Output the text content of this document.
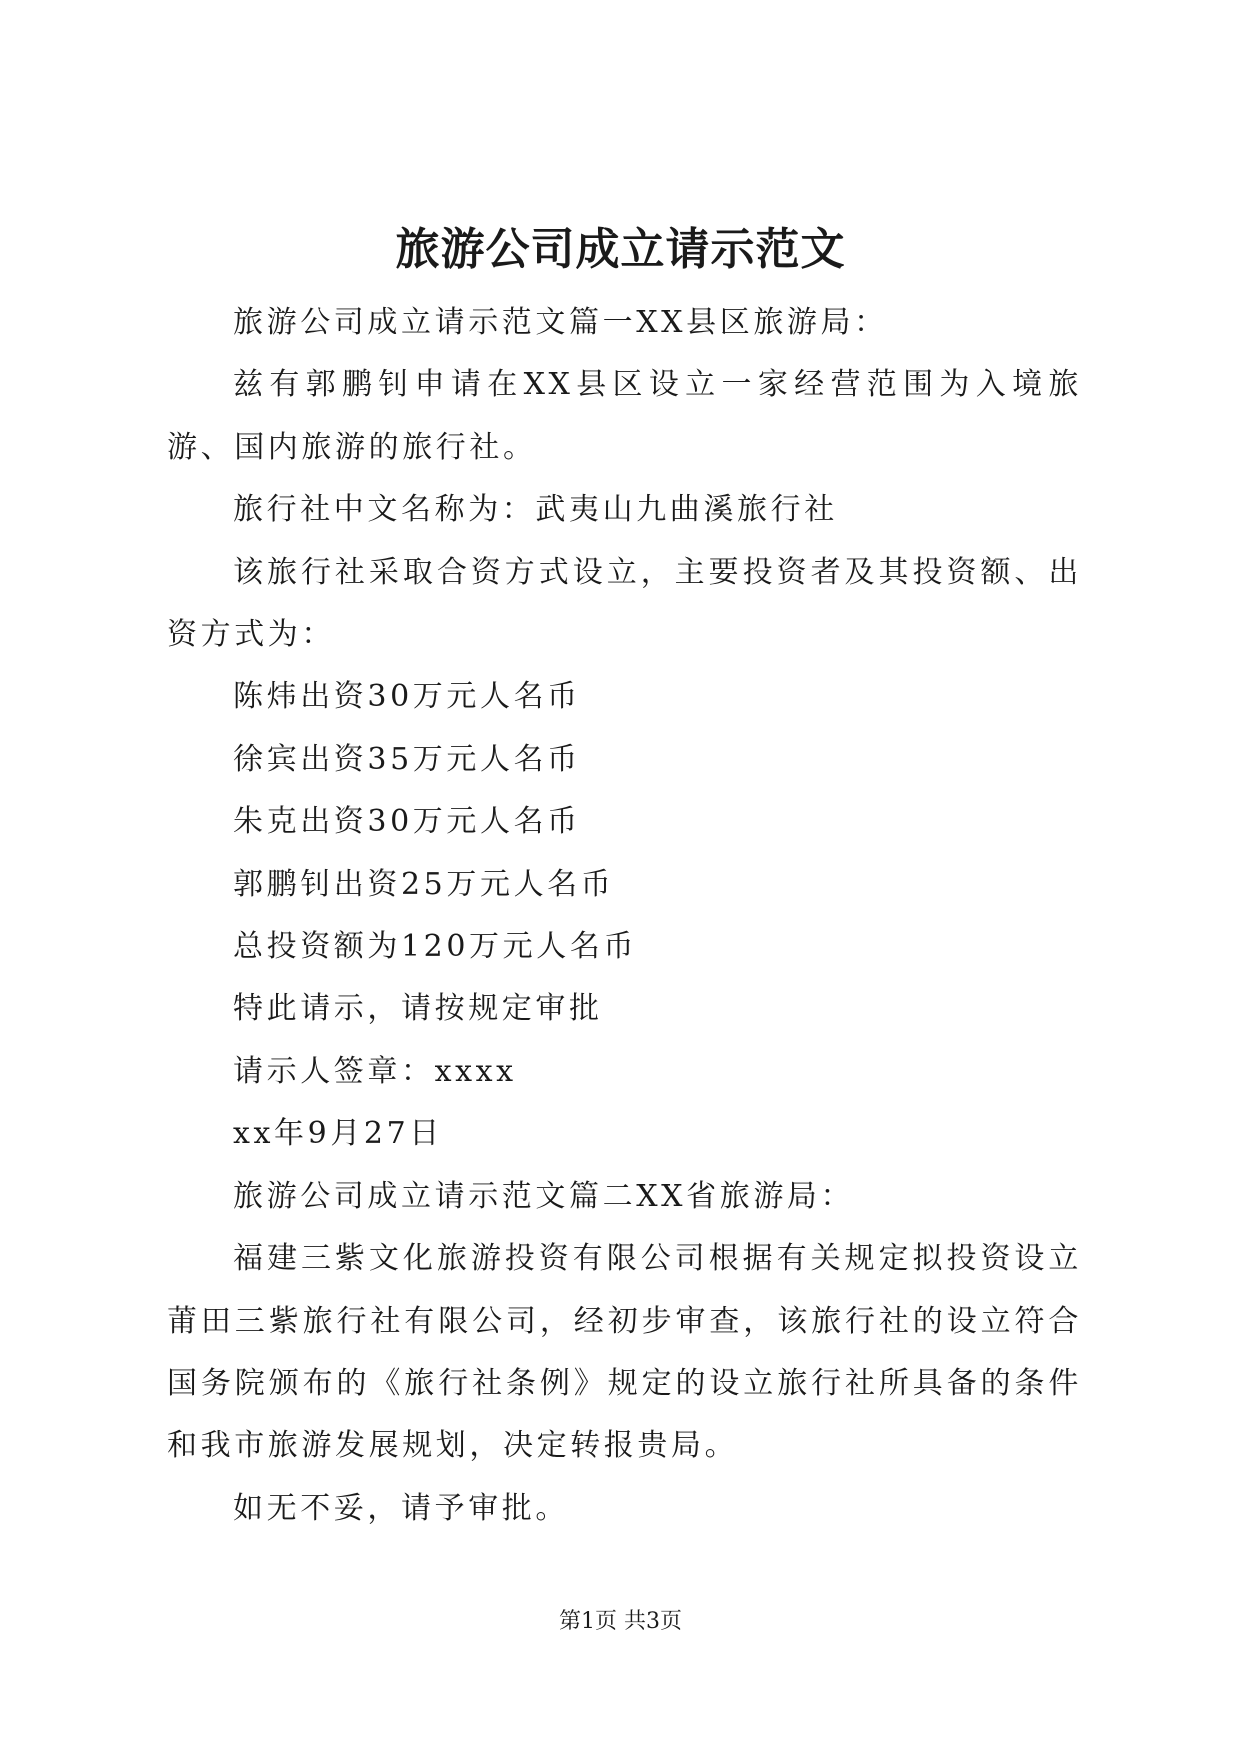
旅游公司成立请示范文

旅游公司成立请示范文篇一XX县区旅游局：

兹有郭鹏钊申请在XX县区设立一家经营范围为入境旅游、国内旅游的旅行社。

旅行社中文名称为：武夷山九曲溪旅行社

该旅行社采取合资方式设立，主要投资者及其投资额、出资方式为：

陈炜出资30万元人名币

徐宾出资35万元人名币

朱克出资30万元人名币

郭鹏钊出资25万元人名币

总投资额为120万元人名币

特此请示，请按规定审批

请示人签章：xxxx

xx年9月27日

旅游公司成立请示范文篇二XX省旅游局：

福建三紫文化旅游投资有限公司根据有关规定拟投资设立莆田三紫旅行社有限公司，经初步审查，该旅行社的设立符合国务院颁布的《旅行社条例》规定的设立旅行社所具备的条件和我市旅游发展规划，决定转报贵局。

如无不妥，请予审批。

第1页 共3页
